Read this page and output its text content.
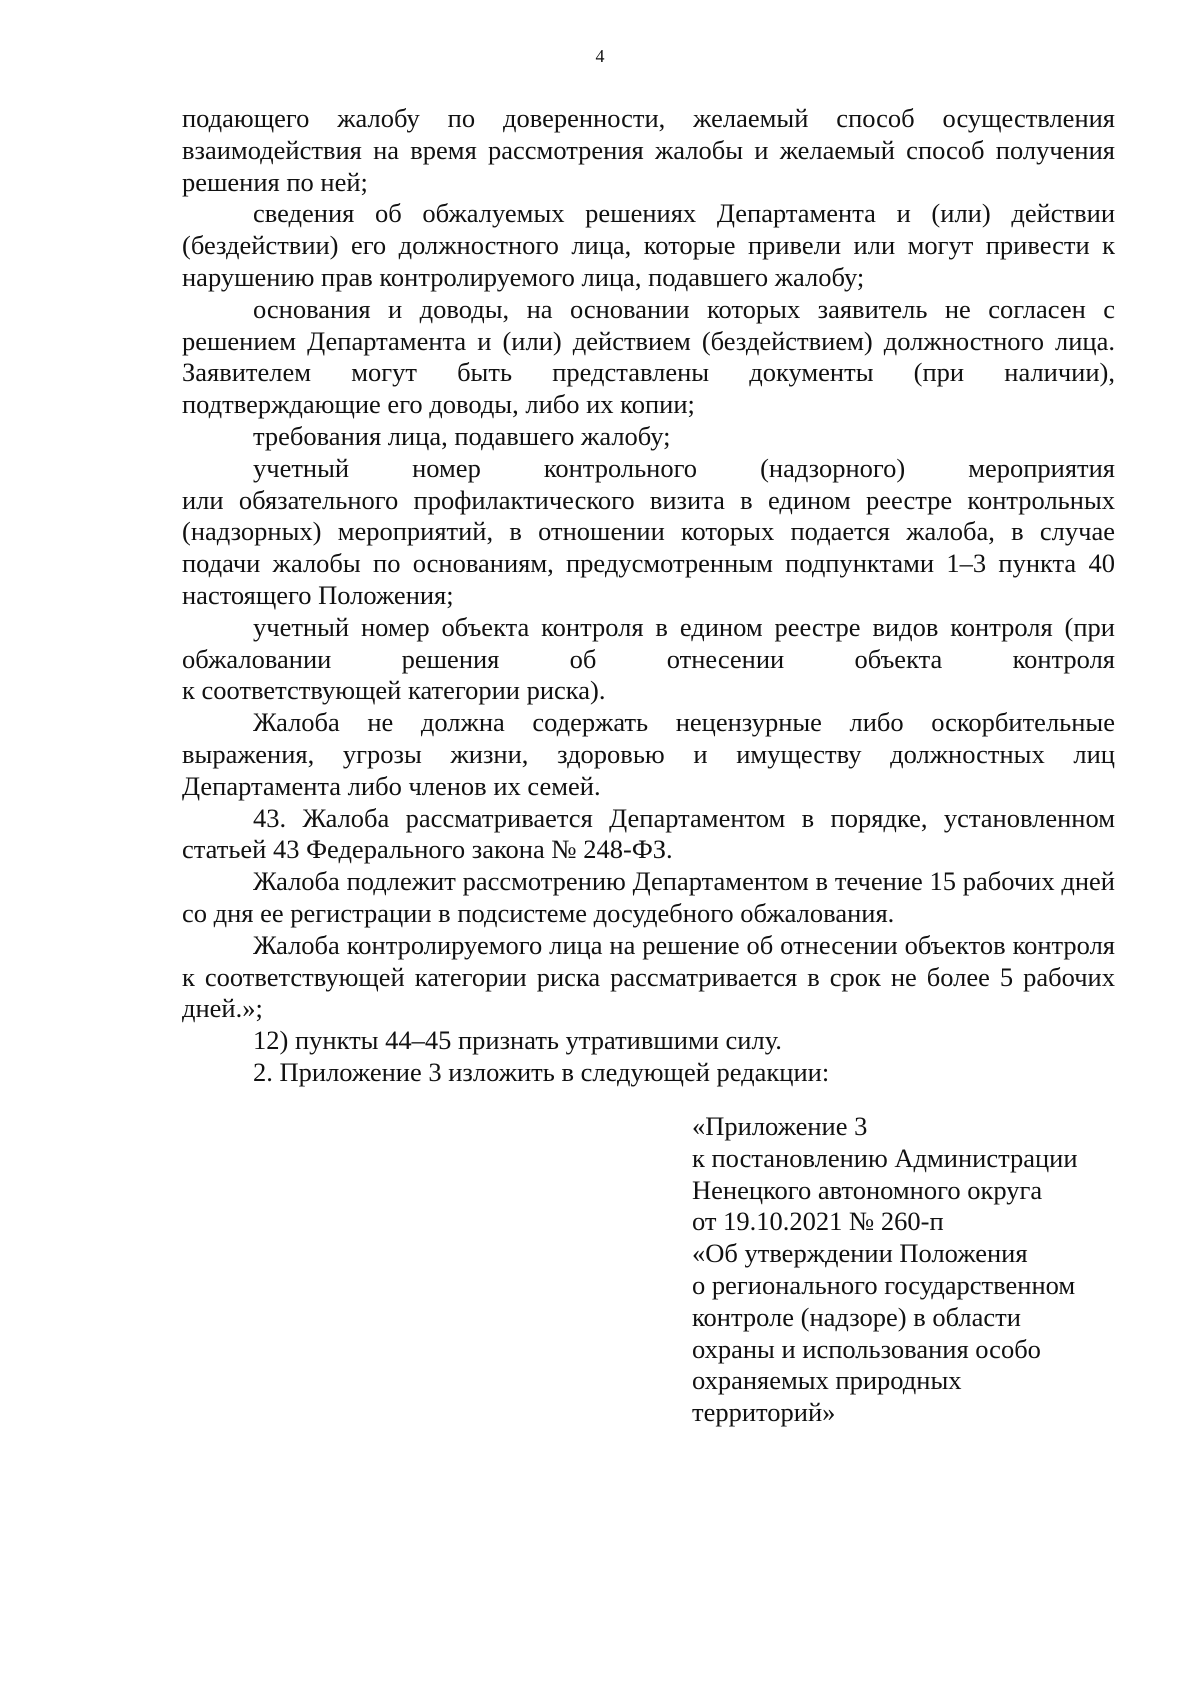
4

подающего жалобу по доверенности, желаемый способ осуществления взаимодействия на время рассмотрения жалобы и желаемый способ получения решения по ней;

сведения об обжалуемых решениях Департамента и (или) действии (бездействии) его должностного лица, которые привели или могут привести к нарушению прав контролируемого лица, подавшего жалобу;

основания и доводы, на основании которых заявитель не согласен с решением Департамента и (или) действием (бездействием) должностного лица. Заявителем могут быть представлены документы (при наличии), подтверждающие его доводы, либо их копии;

требования лица, подавшего жалобу;

учетный номер контрольного (надзорного) мероприятия

или обязательного профилактического визита в едином реестре контрольных (надзорных) мероприятий, в отношении которых подается жалоба, в случае подачи жалобы по основаниям, предусмотренным подпунктами 1–3 пункта 40 настоящего Положения;

учетный номер объекта контроля в едином реестре видов контроля (при обжаловании решения об отнесении объекта контроля

к соответствующей категории риска).

Жалоба не должна содержать нецензурные либо оскорбительные выражения, угрозы жизни, здоровью и имуществу должностных лиц Департамента либо членов их семей.

43. Жалоба рассматривается Департаментом в порядке, установленном статьей 43 Федерального закона № 248-ФЗ.

Жалоба подлежит рассмотрению Департаментом в течение 15 рабочих дней со дня ее регистрации в подсистеме досудебного обжалования.

Жалоба контролируемого лица на решение об отнесении объектов контроля к соответствующей категории риска рассматривается в срок не более 5 рабочих дней.»;

12) пункты 44–45 признать утратившими силу.

2. Приложение 3 изложить в следующей редакции:

«Приложение 3
к постановлению Администрации
Ненецкого автономного округа
от 19.10.2021 № 260-п
«Об утверждении Положения
о регионального государственном
контроле (надзоре) в области
охраны и использования особо
охраняемых природных
территорий»
